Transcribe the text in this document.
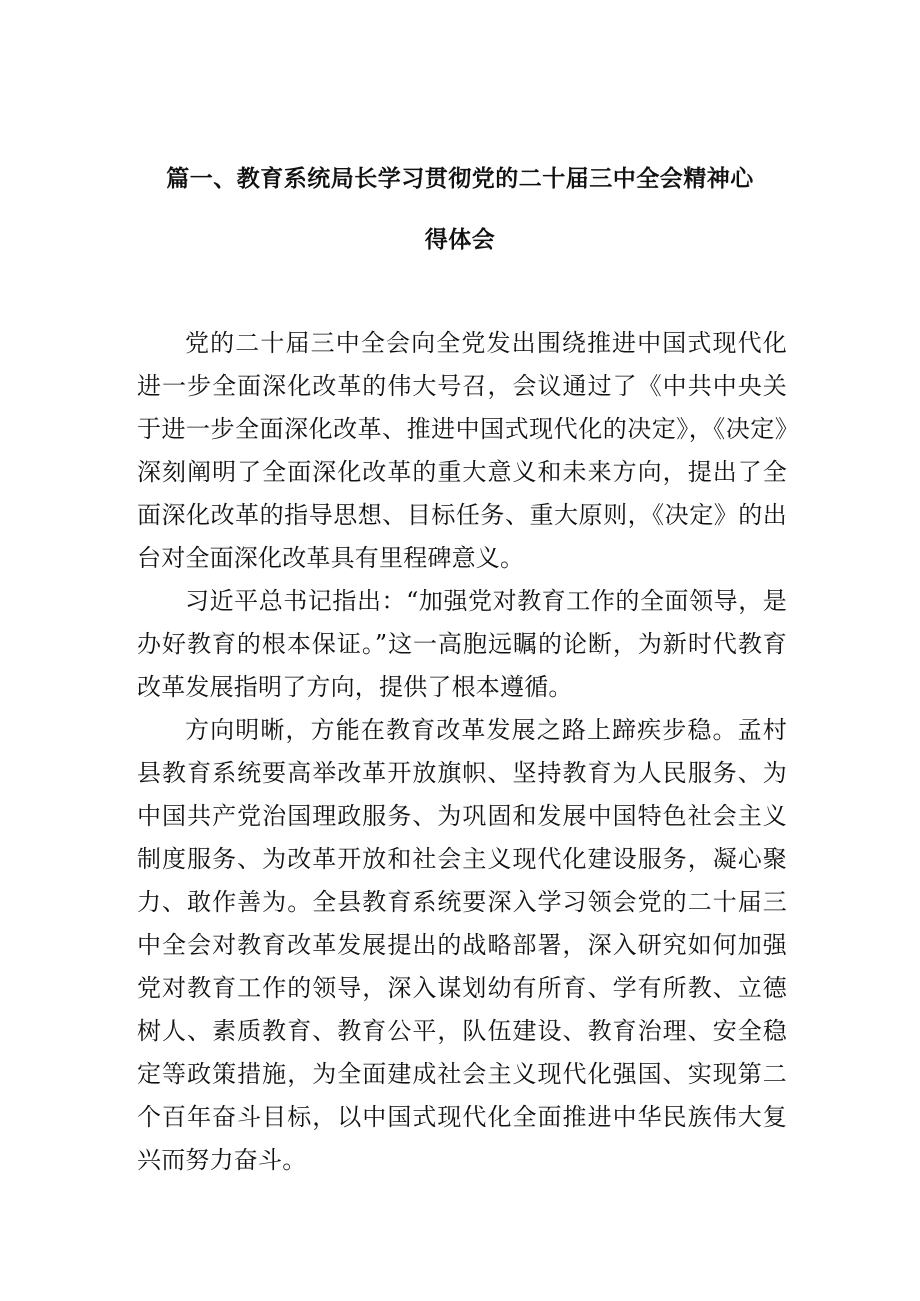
篇一、教育系统局长学习贯彻党的二十届三中全会精神心
得体会

党的二十届三中全会向全党发出围绕推进中国式现代化进一步全面深化改革的伟大号召，会议通过了《中共中央关于进一步全面深化改革、推进中国式现代化的决定》，《决定》深刻阐明了全面深化改革的重大意义和未来方向，提出了全面深化改革的指导思想、目标任务、重大原则，《决定》的出台对全面深化改革具有里程碑意义。

习近平总书记指出：“加强党对教育工作的全面领导，是办好教育的根本保证。”这一高胞远瞩的论断，为新时代教育改革发展指明了方向，提供了根本遵循。

方向明晰，方能在教育改革发展之路上蹄疾步稳。孟村县教育系统要高举改革开放旗帜、坚持教育为人民服务、为中国共产党治国理政服务、为巩固和发展中国特色社会主义制度服务、为改革开放和社会主义现代化建设服务，凝心聚力、敢作善为。全县教育系统要深入学习领会党的二十届三中全会对教育改革发展提出的战略部署，深入研究如何加强党对教育工作的领导，深入谋划幼有所育、学有所教、立德树人、素质教育、教育公平，队伍建设、教育治理、安全稳定等政策措施，为全面建成社会主义现代化强国、实现第二个百年奋斗目标，以中国式现代化全面推进中华民族伟大复兴而努力奋斗。
